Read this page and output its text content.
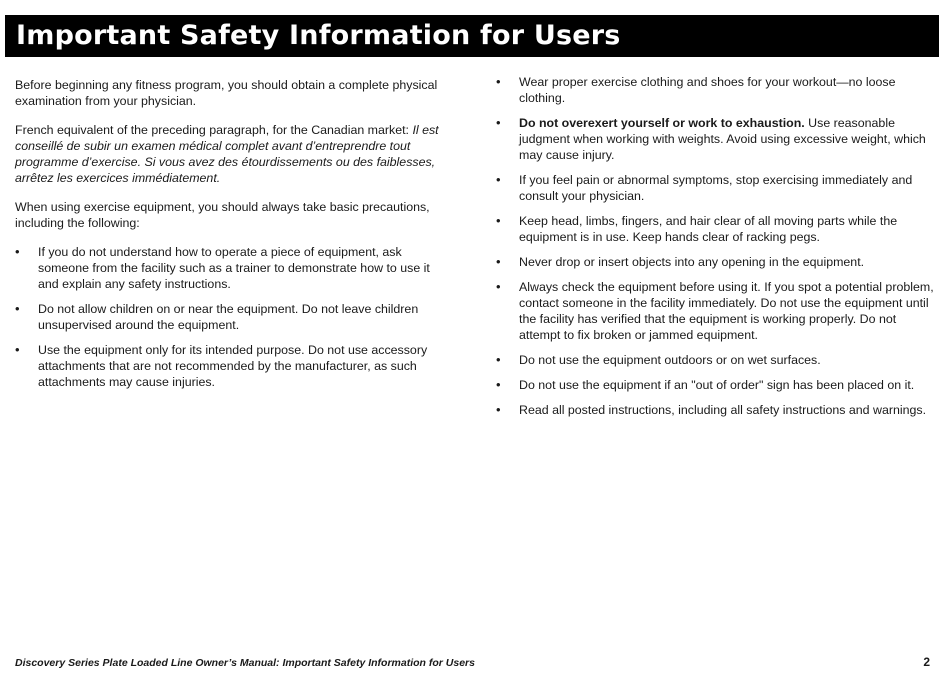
Important Safety Information for Users

Before beginning any fitness program, you should obtain a complete physical examination from your physician.

French equivalent of the preceding paragraph, for the Canadian market: Il est conseillé de subir un examen médical complet avant d’entreprendre tout programme d’exercise. Si vous avez des étourdissements ou des faiblesses, arrêtez les exercices immédiatement.

When using exercise equipment, you should always take basic precautions, including the following:

• If you do not understand how to operate a piece of equipment, ask someone from the facility such as a trainer to demonstrate how to use it and explain any safety instructions.
• Do not allow children on or near the equipment. Do not leave children unsupervised around the equipment.
• Use the equipment only for its intended purpose. Do not use accessory attachments that are not recommended by the manufacturer, as such attachments may cause injuries.
• Wear proper exercise clothing and shoes for your workout—no loose clothing.
• Do not overexert yourself or work to exhaustion. Use reasonable judgment when working with weights. Avoid using excessive weight, which may cause injury.
• If you feel pain or abnormal symptoms, stop exercising immediately and consult your physician.
• Keep head, limbs, fingers, and hair clear of all moving parts while the equipment is in use. Keep hands clear of racking pegs.
• Never drop or insert objects into any opening in the equipment.
• Always check the equipment before using it. If you spot a potential problem, contact someone in the facility immediately. Do not use the equipment until the facility has verified that the equipment is working properly. Do not attempt to fix broken or jammed equipment.
• Do not use the equipment outdoors or on wet surfaces.
• Do not use the equipment if an "out of order" sign has been placed on it.
• Read all posted instructions, including all safety instructions and warnings.
Discovery Series Plate Loaded Line Owner’s Manual: Important Safety Information for Users	2
